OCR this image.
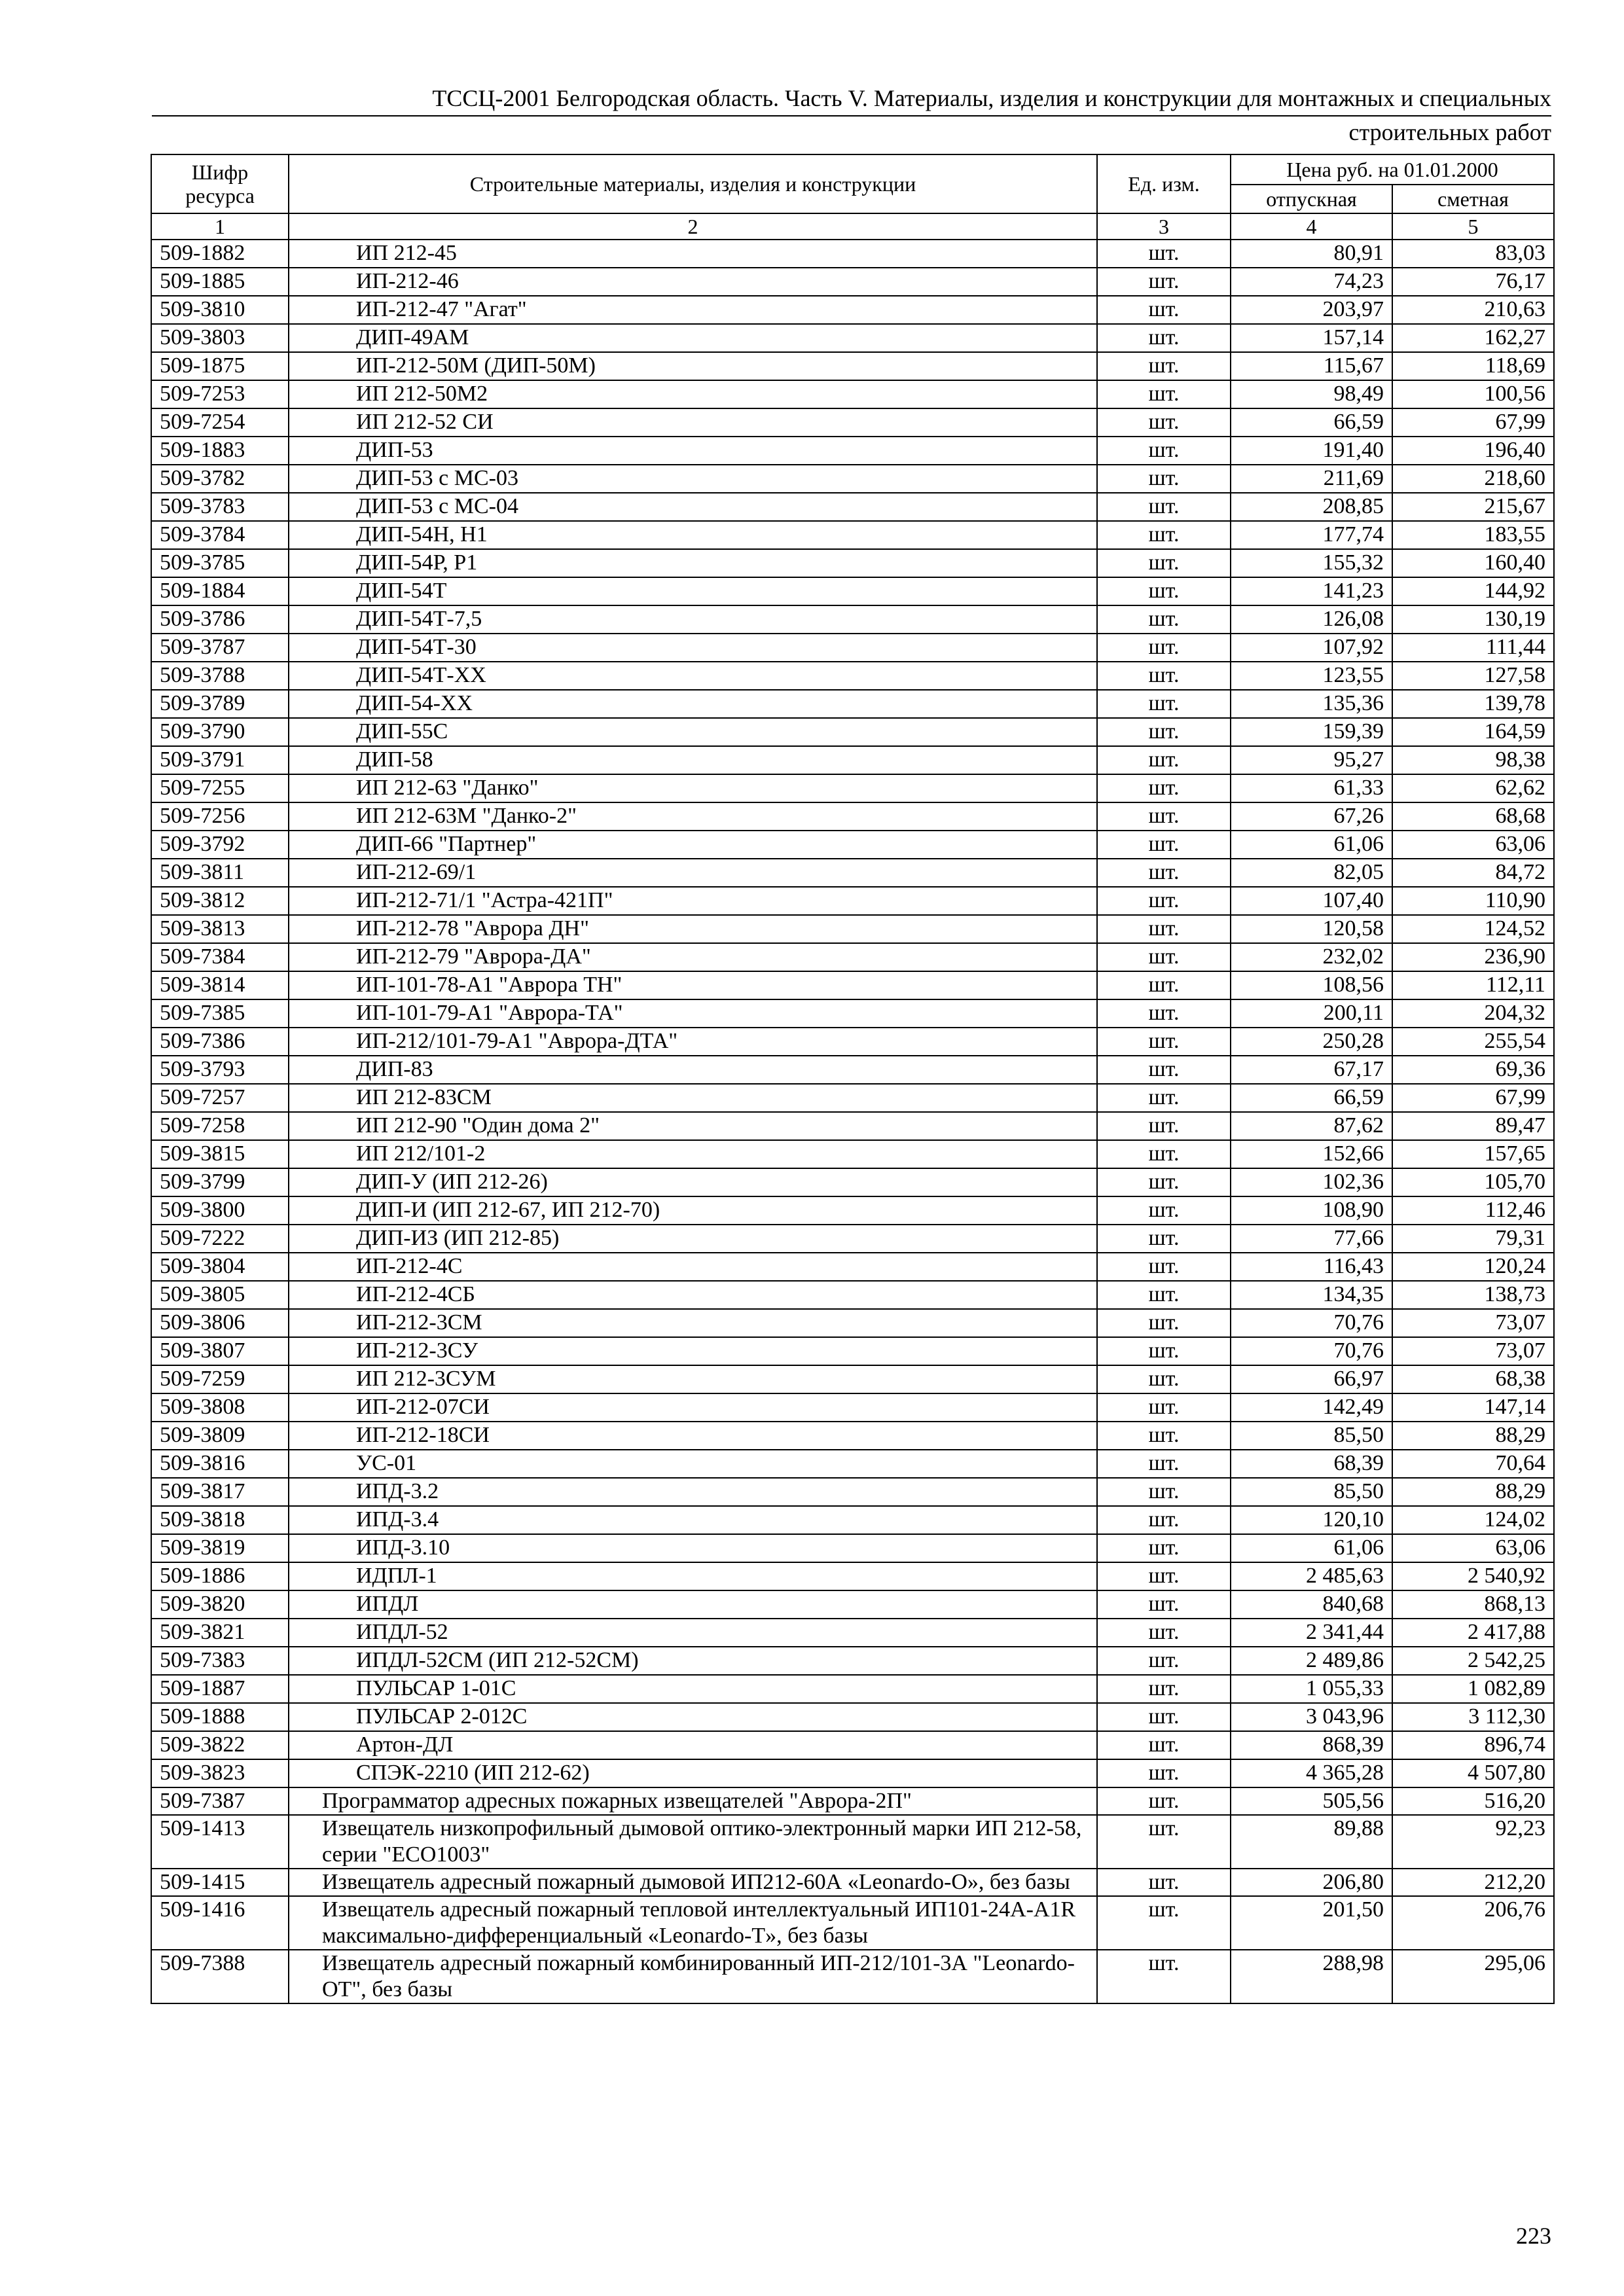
ТССЦ-2001 Белгородская область. Часть V. Материалы, изделия и конструкции для монтажных и специальных
строительных работ
Шифр ресурса	Строительные материалы, изделия и конструкции	Ед. изм.	Цена руб. на 01.01.2000	
			отпускная	сметная
1	2	3	4	5
509-1882	ИП 212-45	шт.	80,91	83,03
509-1885	ИП-212-46	шт.	74,23	76,17
509-3810	ИП-212-47 "Агат"	шт.	203,97	210,63
509-3803	ДИП-49АМ	шт.	157,14	162,27
509-1875	ИП-212-50М (ДИП-50М)	шт.	115,67	118,69
509-7253	ИП 212-50М2	шт.	98,49	100,56
509-7254	ИП 212-52 СИ	шт.	66,59	67,99
509-1883	ДИП-53	шт.	191,40	196,40
509-3782	ДИП-53 с МС-03	шт.	211,69	218,60
509-3783	ДИП-53 с МС-04	шт.	208,85	215,67
509-3784	ДИП-54Н, Н1	шт.	177,74	183,55
509-3785	ДИП-54Р, Р1	шт.	155,32	160,40
509-1884	ДИП-54Т	шт.	141,23	144,92
509-3786	ДИП-54Т-7,5	шт.	126,08	130,19
509-3787	ДИП-54Т-30	шт.	107,92	111,44
509-3788	ДИП-54Т-ХХ	шт.	123,55	127,58
509-3789	ДИП-54-ХХ	шт.	135,36	139,78
509-3790	ДИП-55С	шт.	159,39	164,59
509-3791	ДИП-58	шт.	95,27	98,38
509-7255	ИП 212-63 "Данко"	шт.	61,33	62,62
509-7256	ИП 212-63М "Данко-2"	шт.	67,26	68,68
509-3792	ДИП-66 "Партнер"	шт.	61,06	63,06
509-3811	ИП-212-69/1	шт.	82,05	84,72
509-3812	ИП-212-71/1 "Астра-421П"	шт.	107,40	110,90
509-3813	ИП-212-78 "Аврора ДН"	шт.	120,58	124,52
509-7384	ИП-212-79 "Аврора-ДА"	шт.	232,02	236,90
509-3814	ИП-101-78-А1 "Аврора ТН"	шт.	108,56	112,11
509-7385	ИП-101-79-А1 "Аврора-ТА"	шт.	200,11	204,32
509-7386	ИП-212/101-79-А1 "Аврора-ДТА"	шт.	250,28	255,54
509-3793	ДИП-83	шт.	67,17	69,36
509-7257	ИП 212-83СМ	шт.	66,59	67,99
509-7258	ИП 212-90 "Один дома 2"	шт.	87,62	89,47
509-3815	ИП 212/101-2	шт.	152,66	157,65
509-3799	ДИП-У (ИП 212-26)	шт.	102,36	105,70
509-3800	ДИП-И (ИП 212-67, ИП 212-70)	шт.	108,90	112,46
509-7222	ДИП-ИЗ (ИП 212-85)	шт.	77,66	79,31
509-3804	ИП-212-4С	шт.	116,43	120,24
509-3805	ИП-212-4СБ	шт.	134,35	138,73
509-3806	ИП-212-3СМ	шт.	70,76	73,07
509-3807	ИП-212-3СУ	шт.	70,76	73,07
509-7259	ИП 212-3СУМ	шт.	66,97	68,38
509-3808	ИП-212-07СИ	шт.	142,49	147,14
509-3809	ИП-212-18СИ	шт.	85,50	88,29
509-3816	УС-01	шт.	68,39	70,64
509-3817	ИПД-3.2	шт.	85,50	88,29
509-3818	ИПД-3.4	шт.	120,10	124,02
509-3819	ИПД-3.10	шт.	61,06	63,06
509-1886	ИДПЛ-1	шт.	2 485,63	2 540,92
509-3820	ИПДЛ	шт.	840,68	868,13
509-3821	ИПДЛ-52	шт.	2 341,44	2 417,88
509-7383	ИПДЛ-52СМ (ИП 212-52СМ)	шт.	2 489,86	2 542,25
509-1887	ПУЛЬСАР 1-01С	шт.	1 055,33	1 082,89
509-1888	ПУЛЬСАР 2-012С	шт.	3 043,96	3 112,30
509-3822	Артон-ДЛ	шт.	868,39	896,74
509-3823	СПЭК-2210 (ИП 212-62)	шт.	4 365,28	4 507,80
509-7387	Программатор адресных пожарных извещателей "Аврора-2П"	шт.	505,56	516,20
509-1413	Извещатель низкопрофильный дымовой оптико-электронный марки ИП 212-58, серии "ECO1003"	шт.	89,88	92,23
509-1415	Извещатель адресный пожарный дымовой ИП212-60А «Leonardo-O», без базы	шт.	206,80	212,20
509-1416	Извещатель адресный пожарный тепловой интеллектуальный ИП101-24А-A1R максимально-дифференциальный «Leonardo-T», без базы	шт.	201,50	206,76
509-7388	Извещатель адресный пожарный комбинированный ИП-212/101-3А "Leonardo-OT", без базы	шт.	288,98	295,06
223
